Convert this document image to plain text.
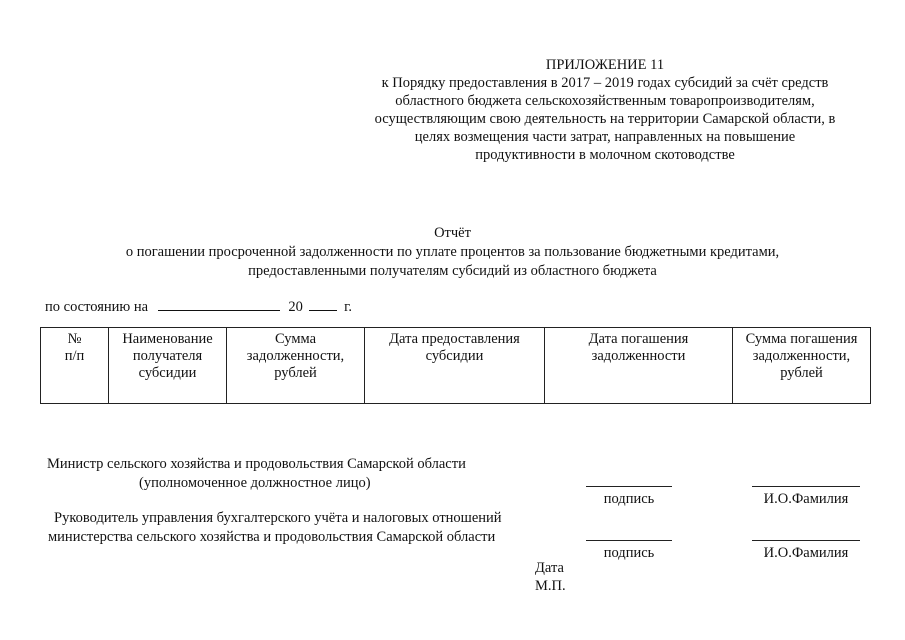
ПРИЛОЖЕНИЕ 11
к Порядку предоставления в 2017 – 2019 годах субсидий за счёт средств
областного бюджета сельскохозяйственным товаропроизводителям,
осуществляющим свою деятельность на территории Самарской области, в
целях возмещения части затрат, направленных на повышение
продуктивности в молочном скотоводстве
Отчёт
о погашении просроченной задолженности по уплате процентов за пользование бюджетными кредитами,
предоставленными получателям субсидий из областного бюджета
по состоянию на	20	г.
№
п/п

Наименование
получателя
субсидии

Сумма
задолженности,
рублей

Дата предоставления
субсидии

Дата погашения
задолженности

Сумма погашения
задолженности,
рублей
Министр сельского хозяйства и продовольствия Самарской области
(уполномоченное должностное лицо)
подпись	И.О.Фамилия
Руководитель управления бухгалтерского учёта и налоговых отношений
министерства сельского хозяйства и продовольствия Самарской области
подпись	И.О.Фамилия
Дата
М.П.
